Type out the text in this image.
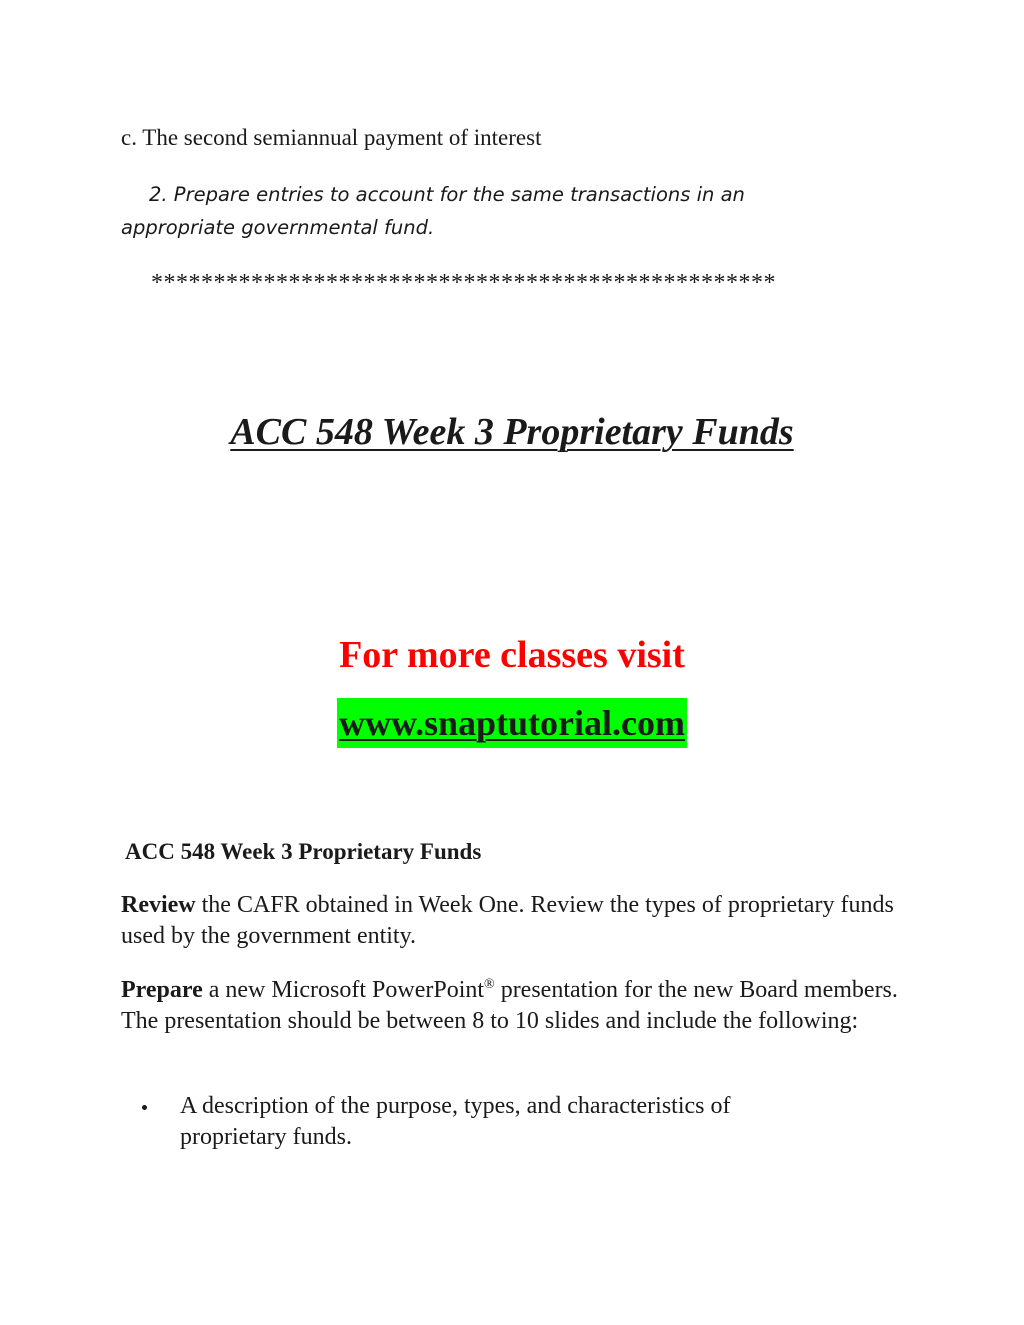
c. The second semiannual payment of interest

2. Prepare entries to account for the same transactions in an appropriate governmental fund.

**************************************************
ACC 548 Week 3 Proprietary Funds
For more classes visit
www.snaptutorial.com
ACC 548 Week 3 Proprietary Funds

Review the CAFR obtained in Week One. Review the types of proprietary funds used by the government entity.

Prepare a new Microsoft PowerPoint® presentation for the new Board members. The presentation should be between 8 to 10 slides and include the following:

A description of the purpose, types, and characteristics of proprietary funds.
